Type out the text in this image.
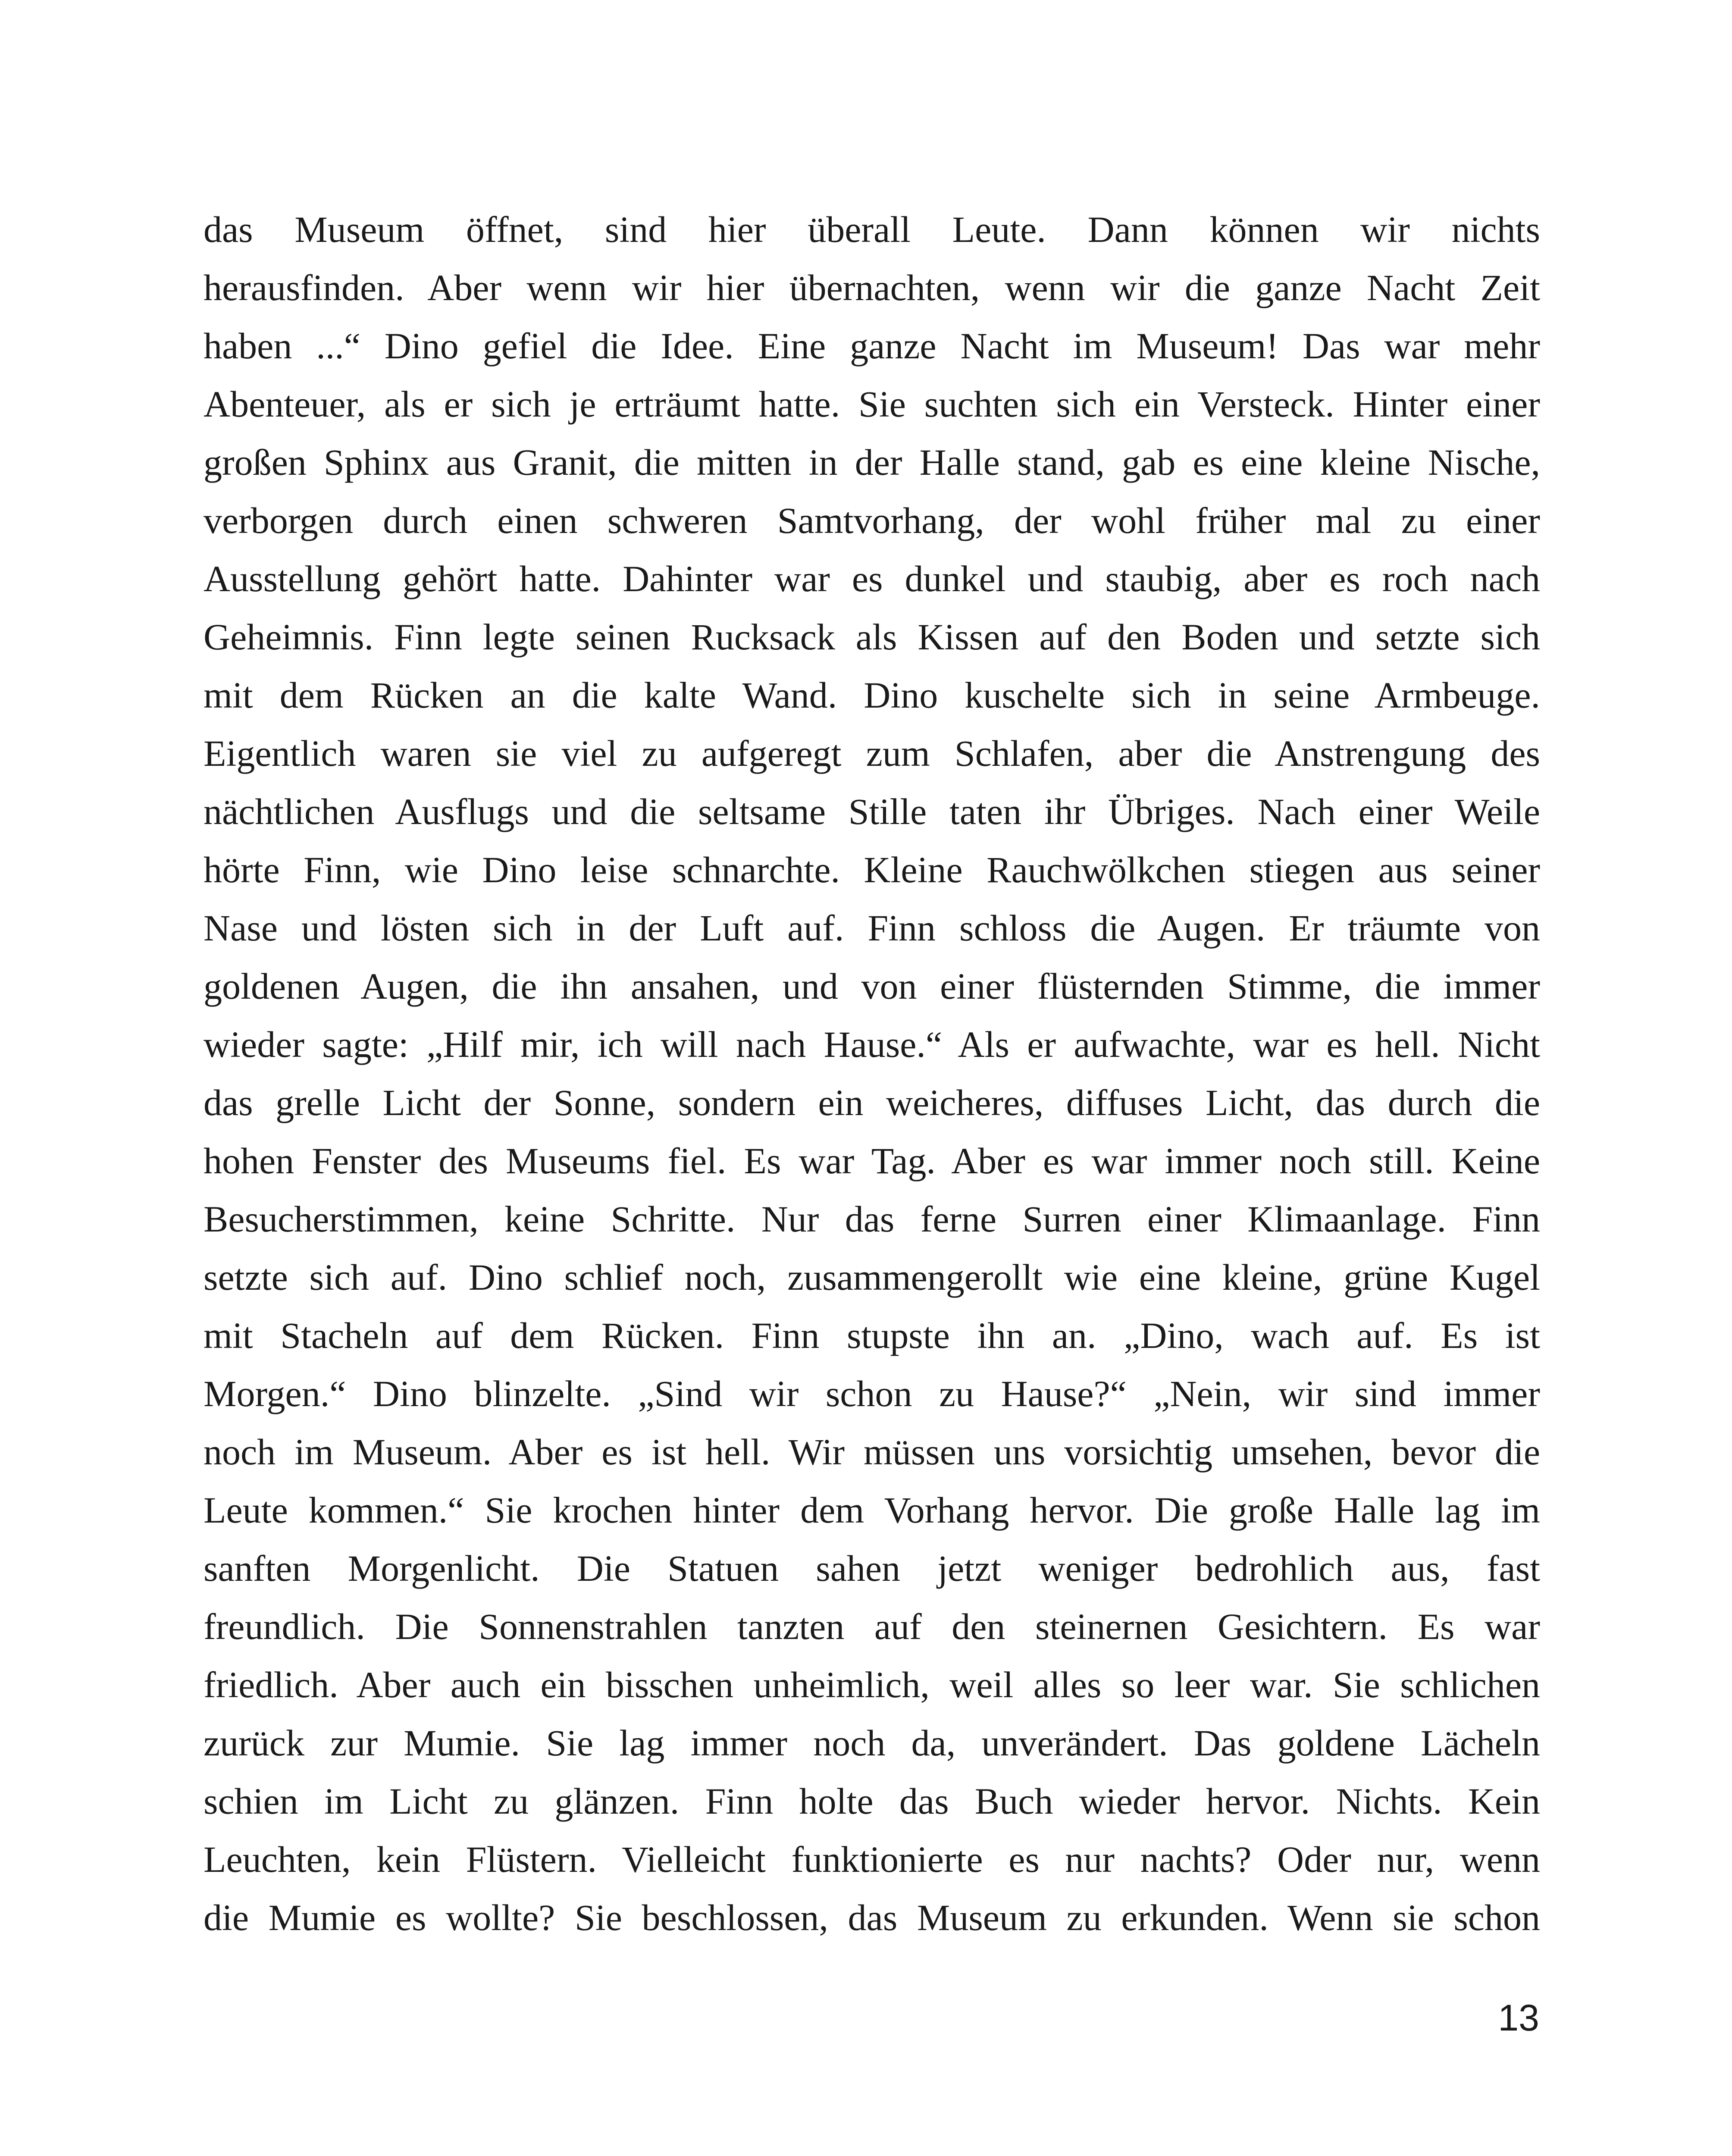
das Museum öffnet, sind hier überall Leute. Dann können wir nichts
herausfinden. Aber wenn wir hier übernachten, wenn wir die ganze Nacht Zeit
haben ...“ Dino gefiel die Idee. Eine ganze Nacht im Museum! Das war mehr
Abenteuer, als er sich je erträumt hatte. Sie suchten sich ein Versteck. Hinter einer
großen Sphinx aus Granit, die mitten in der Halle stand, gab es eine kleine Nische,
verborgen durch einen schweren Samtvorhang, der wohl früher mal zu einer
Ausstellung gehört hatte. Dahinter war es dunkel und staubig, aber es roch nach
Geheimnis. Finn legte seinen Rucksack als Kissen auf den Boden und setzte sich
mit dem Rücken an die kalte Wand. Dino kuschelte sich in seine Armbeuge.
Eigentlich waren sie viel zu aufgeregt zum Schlafen, aber die Anstrengung des
nächtlichen Ausflugs und die seltsame Stille taten ihr Übriges. Nach einer Weile
hörte Finn, wie Dino leise schnarchte. Kleine Rauchwölkchen stiegen aus seiner
Nase und lösten sich in der Luft auf. Finn schloss die Augen. Er träumte von
goldenen Augen, die ihn ansahen, und von einer flüsternden Stimme, die immer
wieder sagte: „Hilf mir, ich will nach Hause.“ Als er aufwachte, war es hell. Nicht
das grelle Licht der Sonne, sondern ein weicheres, diffuses Licht, das durch die
hohen Fenster des Museums fiel. Es war Tag. Aber es war immer noch still. Keine
Besucherstimmen, keine Schritte. Nur das ferne Surren einer Klimaanlage. Finn
setzte sich auf. Dino schlief noch, zusammengerollt wie eine kleine, grüne Kugel
mit Stacheln auf dem Rücken. Finn stupste ihn an. „Dino, wach auf. Es ist
Morgen.“ Dino blinzelte. „Sind wir schon zu Hause?“ „Nein, wir sind immer
noch im Museum. Aber es ist hell. Wir müssen uns vorsichtig umsehen, bevor die
Leute kommen.“ Sie krochen hinter dem Vorhang hervor. Die große Halle lag im
sanften Morgenlicht. Die Statuen sahen jetzt weniger bedrohlich aus, fast
freundlich. Die Sonnenstrahlen tanzten auf den steinernen Gesichtern. Es war
friedlich. Aber auch ein bisschen unheimlich, weil alles so leer war. Sie schlichen
zurück zur Mumie. Sie lag immer noch da, unverändert. Das goldene Lächeln
schien im Licht zu glänzen. Finn holte das Buch wieder hervor. Nichts. Kein
Leuchten, kein Flüstern. Vielleicht funktionierte es nur nachts? Oder nur, wenn
die Mumie es wollte? Sie beschlossen, das Museum zu erkunden. Wenn sie schon
13
